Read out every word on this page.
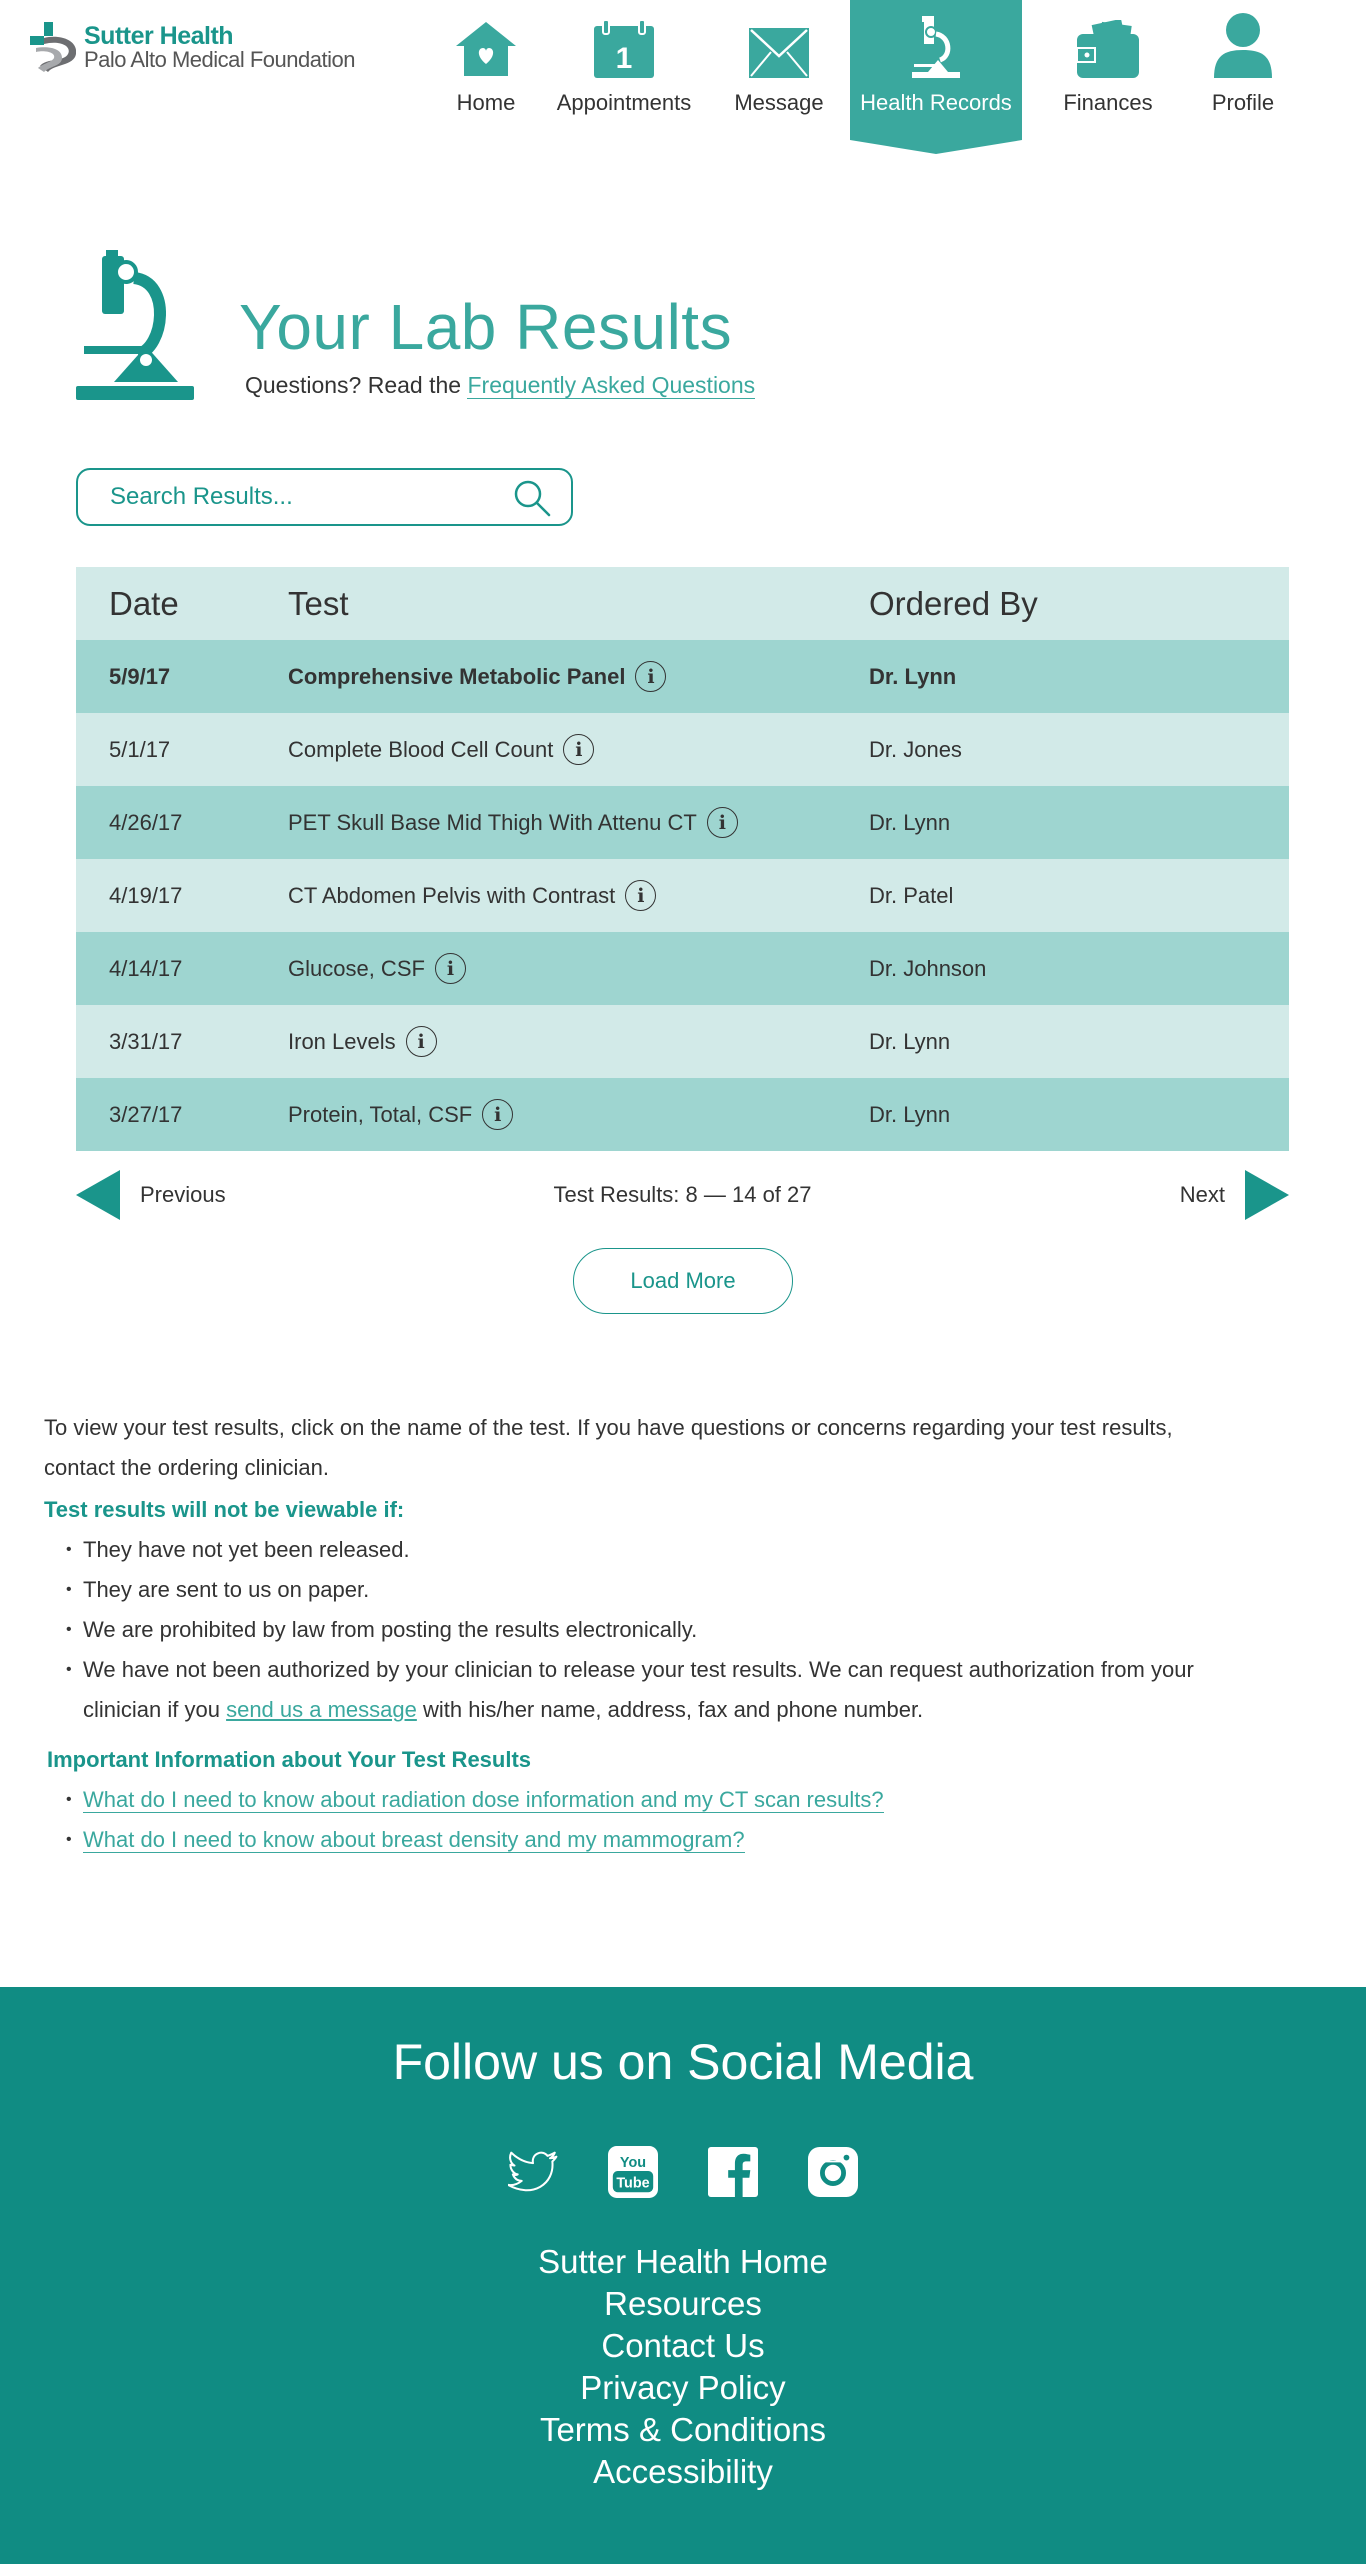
Sutter Health
Palo Alto Medical Foundation
Home
1
Appointments Message Health Records Finances	Profile
Your Lab Results
Questions? Read the Frequently Asked Questions
Search Results...
Date	Test	Ordered By
5/9/17	Comprehensive Metabolic Panel	i	Dr. Lynn
5/1/17	Complete Blood Cell Count	i	Dr. Jones
4/26/17	PET Skull Base Mid Thigh With Attenu CT	i	Dr. Lynn
4/19/17	CT Abdomen Pelvis with Contrast	i	Dr. Patel
4/14/17	Glucose, CSF	i	Dr. Johnson
3/31/17	Iron Levels	i	Dr. Lynn
3/27/17	Protein, Total, CSF	i	Dr. Lynn
Previous	Test Results: 8 — 14 of 27	Next
Load More

To view your test results, click on the name of the test. If you have questions or concerns regarding your test results, contact the ordering clinician.

Test results will not be viewable if:
• They have not yet been released.
• They are sent to us on paper.
• We are prohibited by law from posting the results electronically.
• We have not been authorized by your clinician to release your test results. We can request authorization from your clinician if you send us a message with his/her name, address, fax and phone number.
Important Information about Your Test Results
• What do I need to know about radiation dose information and my CT scan results?
• What do I need to know about breast density and my mammogram?
Follow us on Social Media
You
Tube
Sutter Health Home
Resources
Contact Us
Privacy Policy
Terms & Conditions
Accessibility
